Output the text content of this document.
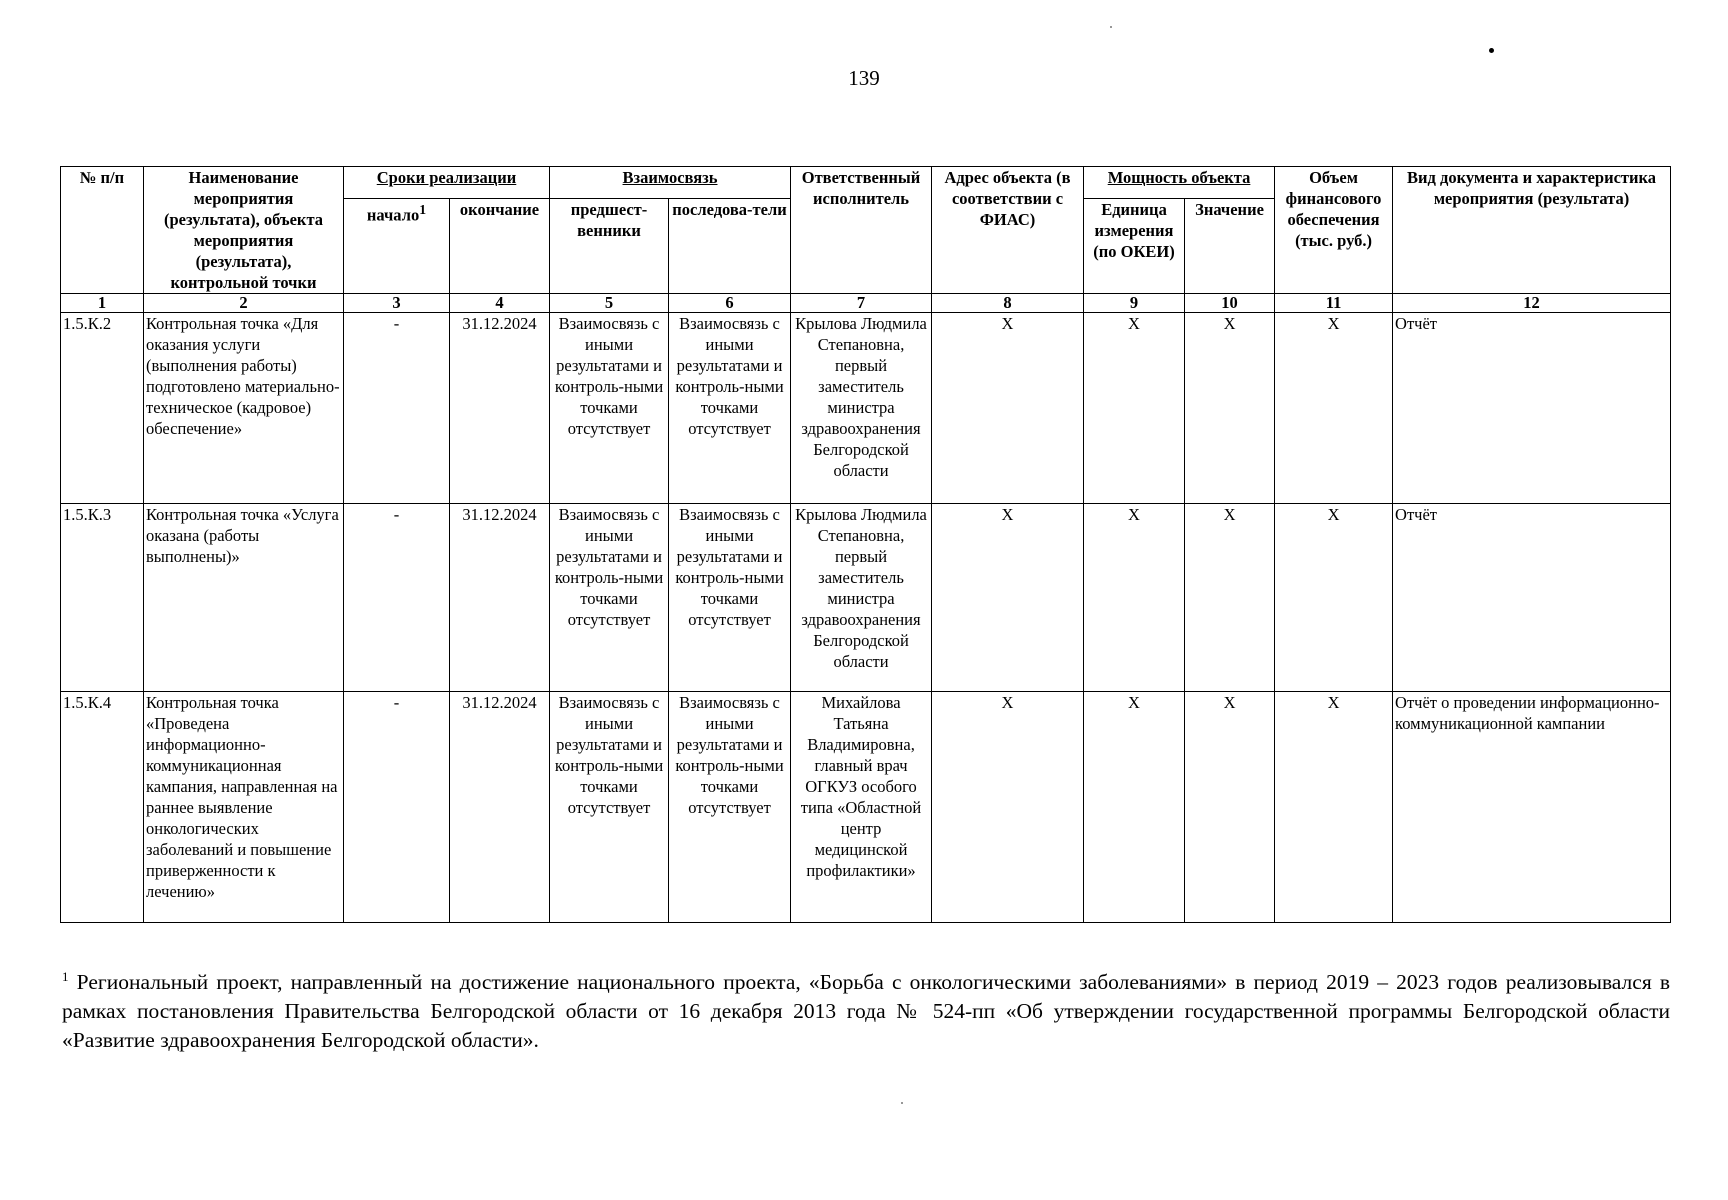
139
№ п/п	Наименование мероприятия (результата), объекта мероприятия (результата), контрольной точки	Сроки реализации		Взаимосвязь		Ответственный исполнитель	Адрес объекта (в соответствии с ФИАС)	Мощность объекта		Объем финансового обеспечения (тыс. руб.)	Вид документа и характеристика мероприятия (результата)
		начало$^1$	окончание	предшест-венники	последова-тели			Единица измерения (по ОКЕИ)	Значение		
1	2	3	4	5	6	7	8	9	10	11	12
1.5.К.2	Контрольная точка «Для оказания услуги (выполнения работы) подготовлено материально-техническое (кадровое) обеспечение»	-	31.12.2024	Взаимосвязь с иными результатами и контроль-ными точками отсутствует	Взаимосвязь с иными результатами и контроль-ными точками отсутствует	Крылова Людмила Степановна, первый заместитель министра здравоохранения Белгородской области	Х	Х	Х	Х	Отчёт
1.5.К.3	Контрольная точка «Услуга оказана (работы выполнены)»	-	31.12.2024	Взаимосвязь с иными результатами и контроль-ными точками отсутствует	Взаимосвязь с иными результатами и контроль-ными точками отсутствует	Крылова Людмила Степановна, первый заместитель министра здравоохранения Белгородской области	Х	Х	Х	Х	Отчёт
1.5.К.4	Контрольная точка «Проведена информационно-коммуникационная кампания, направленная на раннее выявление онкологических заболеваний и повышение приверженности к лечению»	-	31.12.2024	Взаимосвязь с иными результатами и контроль-ными точками отсутствует	Взаимосвязь с иными результатами и контроль-ными точками отсутствует	Михайлова Татьяна Владимировна, главный врач ОГКУЗ особого типа «Областной центр медицинской профилактики»	Х	Х	Х	Х	Отчёт о проведении информационно-коммуникационной кампании
$^1$ Региональный проект, направленный на достижение национального проекта, «Борьба с онкологическими заболеваниями» в период 2019 – 2023 годов реализовывался в рамках постановления Правительства Белгородской области от 16 декабря 2013 года № 524-пп «Об утверждении государственной программы Белгородской области «Развитие здравоохранения Белгородской области».
